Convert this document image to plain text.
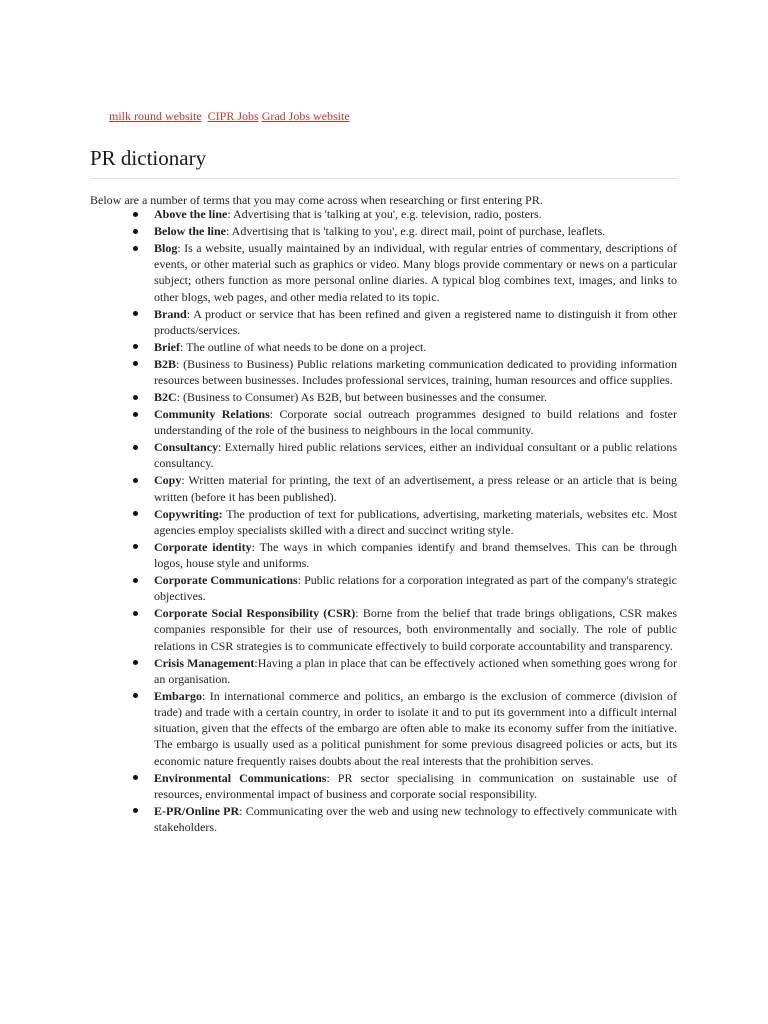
milk round website CIPR Jobs Grad Jobs website
PR dictionary

Below are a number of terms that you may come across when researching or first entering PR.

Above the line: Advertising that is 'talking at you', e.g. television, radio, posters.
Below the line: Advertising that is 'talking to you', e.g. direct mail, point of purchase, leaflets.
Blog: Is a website, usually maintained by an individual, with regular entries of commentary, descriptions of events, or other material such as graphics or video. Many blogs provide commentary or news on a particular subject; others function as more personal online diaries. A typical blog combines text, images, and links to other blogs, web pages, and other media related to its topic.
Brand: A product or service that has been refined and given a registered name to distinguish it from other products/services.
Brief: The outline of what needs to be done on a project.
B2B: (Business to Business) Public relations marketing communication dedicated to providing information resources between businesses. Includes professional services, training, human resources and office supplies.
B2C: (Business to Consumer) As B2B, but between businesses and the consumer.
Community Relations: Corporate social outreach programmes designed to build relations and foster understanding of the role of the business to neighbours in the local community.
Consultancy: Externally hired public relations services, either an individual consultant or a public relations consultancy.
Copy: Written material for printing, the text of an advertisement, a press release or an article that is being written (before it has been published).
Copywriting: The production of text for publications, advertising, marketing materials, websites etc. Most agencies employ specialists skilled with a direct and succinct writing style.
Corporate identity: The ways in which companies identify and brand themselves. This can be through logos, house style and uniforms.
Corporate Communications: Public relations for a corporation integrated as part of the company's strategic objectives.
Corporate Social Responsibility (CSR): Borne from the belief that trade brings obligations, CSR makes companies responsible for their use of resources, both environmentally and socially. The role of public relations in CSR strategies is to communicate effectively to build corporate accountability and transparency.
Crisis Management:Having a plan in place that can be effectively actioned when something goes wrong for an organisation.
Embargo: In international commerce and politics, an embargo is the exclusion of commerce (division of trade) and trade with a certain country, in order to isolate it and to put its government into a difficult internal situation, given that the effects of the embargo are often able to make its economy suffer from the initiative. The embargo is usually used as a political punishment for some previous disagreed policies or acts, but its economic nature frequently raises doubts about the real interests that the prohibition serves.
Environmental Communications: PR sector specialising in communication on sustainable use of resources, environmental impact of business and corporate social responsibility.
E-PR/Online PR: Communicating over the web and using new technology to effectively communicate with stakeholders.
